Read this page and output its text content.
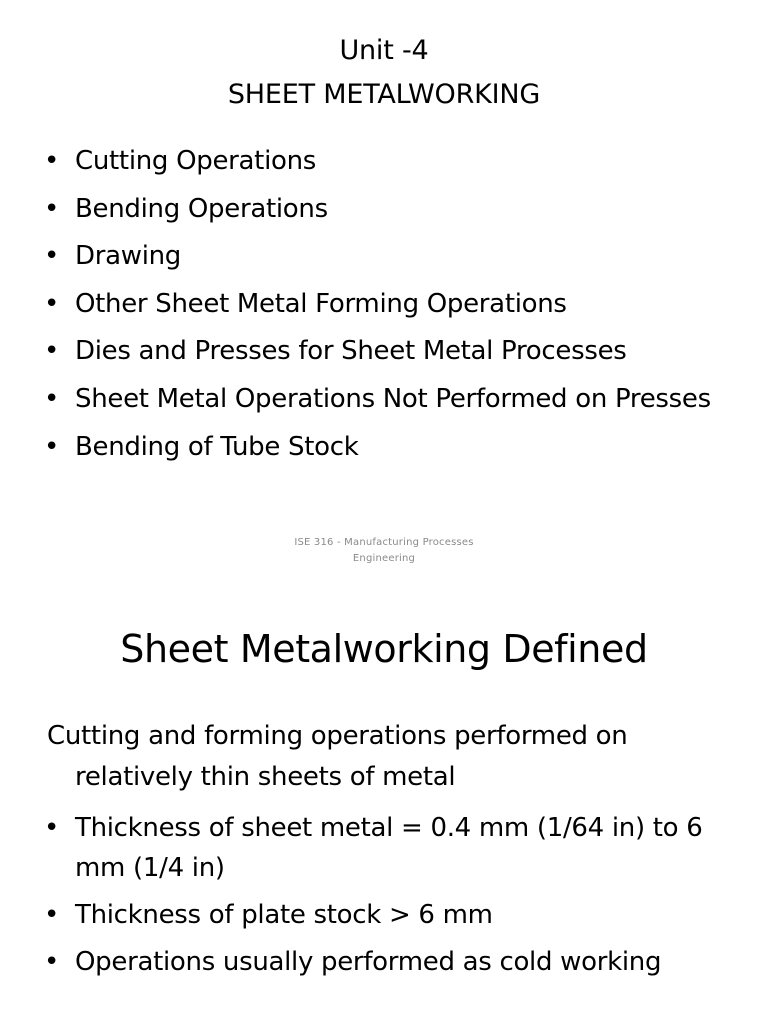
Unit -4
SHEET METALWORKING
• Cutting Operations
• Bending Operations
• Drawing
• Other Sheet Metal Forming Operations
• Dies and Presses for Sheet Metal Processes
• Sheet Metal Operations Not Performed on Presses
• Bending of Tube Stock
ISE 316 - Manufacturing Processes
Engineering
Sheet Metalworking Defined
Cutting and forming operations performed on
relatively thin sheets of metal
• Thickness of sheet metal = 0.4 mm (1/64 in) to 6 mm (1/4 in)
• Thickness of plate stock > 6 mm
• Operations usually performed as cold working
